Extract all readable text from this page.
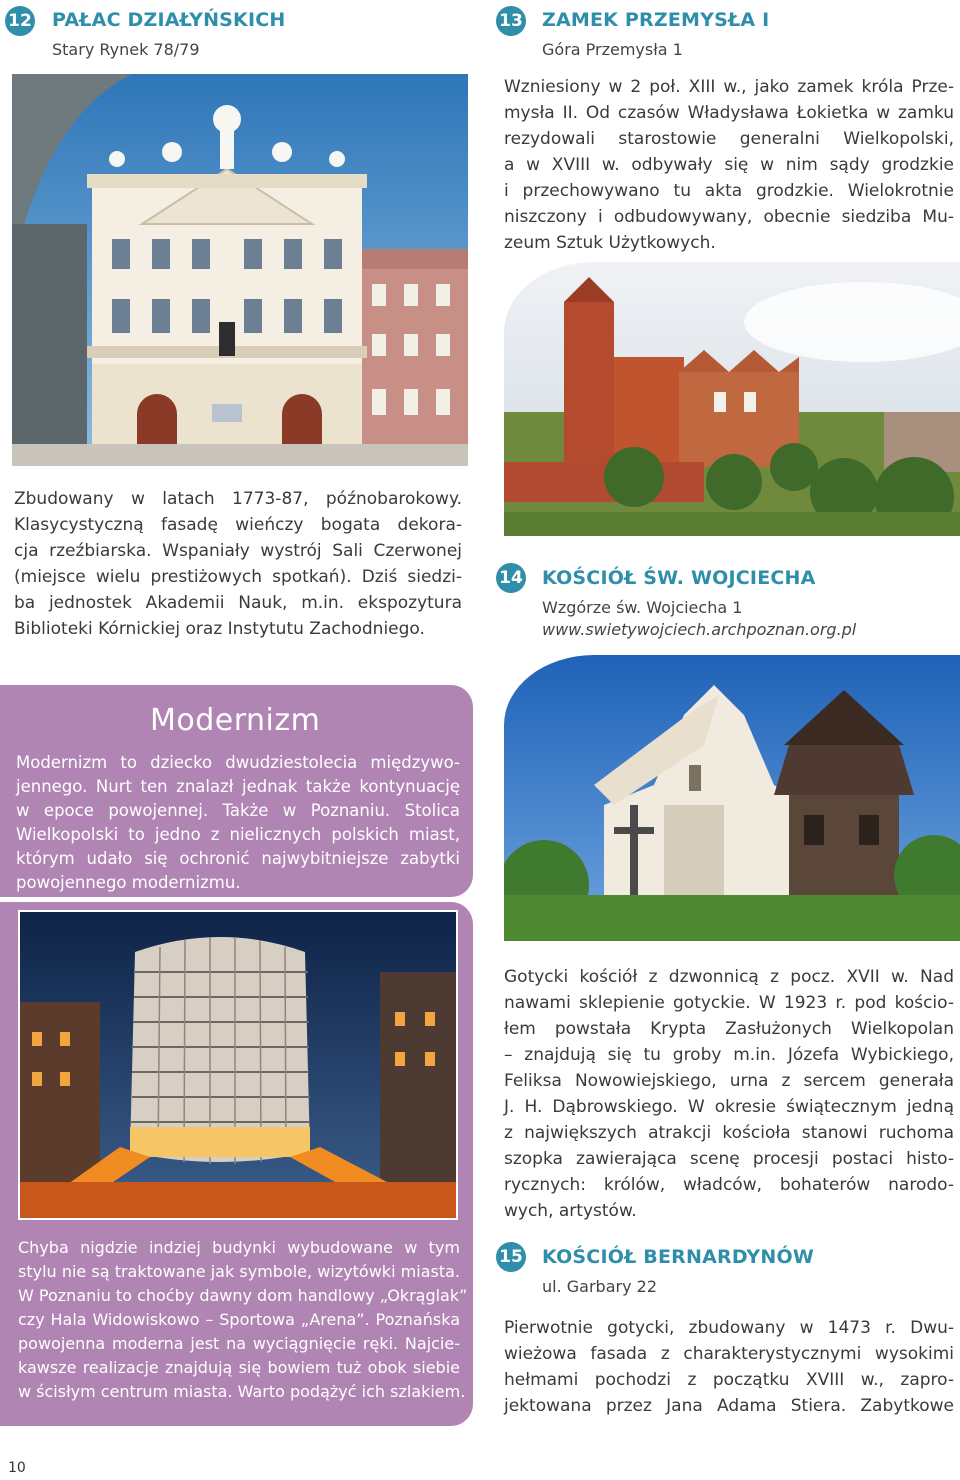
12 PAŁAC DZIAŁYŃSKICH
Stary Rynek 78/79
Zbudowany w latach 1773-87, późnobarokowy.
Klasycystyczną fasadę wieńczy bogata dekora-
cja rzeźbiarska. Wspaniały wystrój Sali Czerwonej
(miejsce wielu prestiżowych spotkań). Dziś siedzi-
ba jednostek Akademii Nauk, m.in. ekspozytura
Biblioteki Kórnickiej oraz Instytutu Zachodniego.
13 ZAMEK PRZEMYSŁA I
Góra Przemysła 1
Wzniesiony w 2 poł. XIII w., jako zamek króla Prze-
mysła II. Od czasów Władysława Łokietka w zamku
rezydowali starostowie generalni Wielkopolski,
a w XVIII w. odbywały się w nim sądy grodzkie
i przechowywano tu akta grodzkie. Wielokrotnie
niszczony i odbudowywany, obecnie siedziba Mu-
zeum Sztuk Użytkowych.
14 KOŚCIÓŁ ŚW. WOJCIECHA
Wzgórze św. Wojciecha 1
www.swietywojciech.archpoznan.org.pl
Gotycki kościół z dzwonnicą z pocz. XVII w. Nad
nawami sklepienie gotyckie. W 1923 r. pod kościo-
łem powstała Krypta Zasłużonych Wielkopolan
– znajdują się tu groby m.in. Józefa Wybickiego,
Feliksa Nowowiejskiego, urna z sercem generała
J. H. Dąbrowskiego. W okresie świątecznym jedną
z największych atrakcji kościoła stanowi ruchoma
szopka zawierająca scenę procesji postaci histo-
rycznych: królów, władców, bohaterów narodo-
wych, artystów.
15 KOŚCIÓŁ BERNARDYNÓW
ul. Garbary 22
Pierwotnie gotycki, zbudowany w 1473 r. Dwu-
wieżowa fasada z charakterystycznymi wysokimi
hełmami pochodzi z początku XVIII w., zapro-
jektowana przez Jana Adama Stiera. Zabytkowe
Modernizm
Modernizm to dziecko dwudziestolecia międzywo-
jennego. Nurt ten znalazł jednak także kontynuację
w epoce powojennej. Także w Poznaniu. Stolica
Wielkopolski to jedno z nielicznych polskich miast,
którym udało się ochronić najwybitniejsze zabytki
powojennego modernizmu.
Chyba nigdzie indziej budynki wybudowane w tym
stylu nie są traktowane jak symbole, wizytówki miasta.
W Poznaniu to choćby dawny dom handlowy „Okrąglak”
czy Hala Widowiskowo – Sportowa „Arena”. Poznańska
powojenna moderna jest na wyciągnięcie ręki. Najcie-
kawsze realizacje znajdują się bowiem tuż obok siebie
w ścisłym centrum miasta. Warto podążyć ich szlakiem.
10
